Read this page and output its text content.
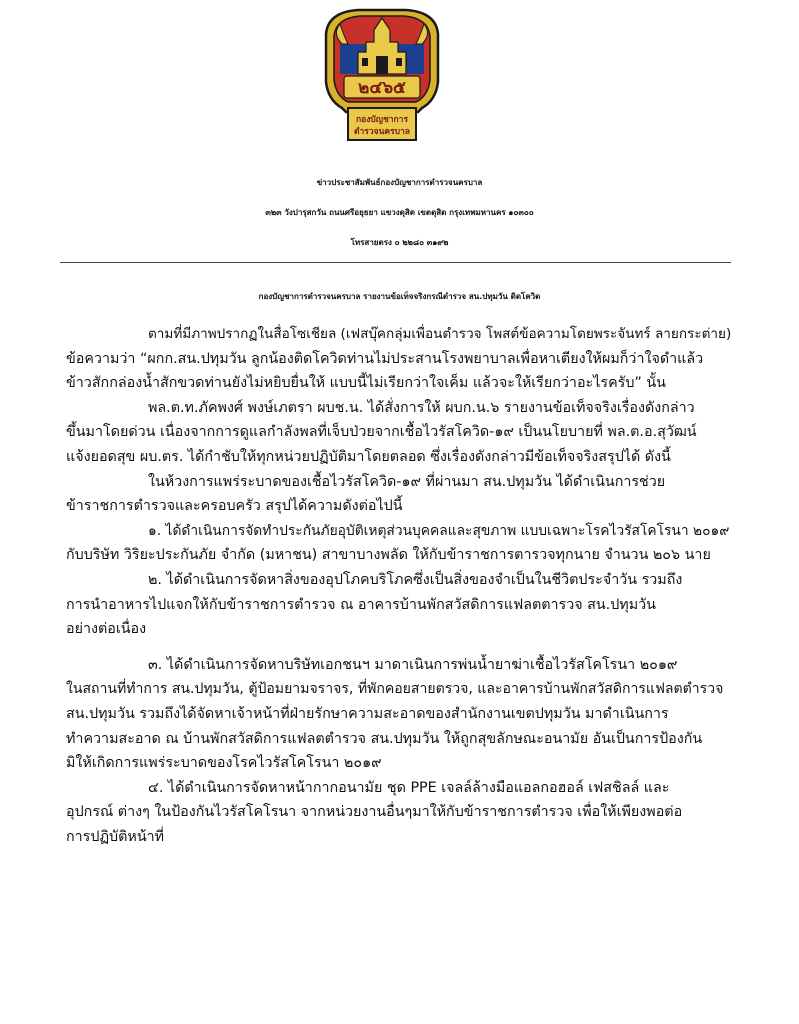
๒๔๖๕
กองบัญชาการ
ตำรวจนครบาล
ข่าวประชาสัมพันธ์กองบัญชาการตำรวจนครบาล
๓๒๓ วังปารุสกวัน ถนนศรีอยุธยา แขวงดุสิต เขตดุสิต กรุงเทพมหานคร ๑๐๓๐๐
โทรสายตรง ๐ ๒๒๘๐ ๓๑๙๒
กองบัญชาการตำรวจนครบาล รายงานข้อเท็จจริงกรณีตำรวจ สน.ปทุมวัน ติดโควิด

ตามที่มีภาพปรากฏในสื่อโซเชียล (เฟสบุ๊คกลุ่มเพื่อนตำรวจ โพสต์ข้อความโดยพระจันทร์ ลายกระต่าย)
ข้อความว่า “ผกก.สน.ปทุมวัน ลูกน้องติดโควิดท่านไม่ประสานโรงพยาบาลเพื่อหาเตียงให้ผมก็ว่าใจดำแล้ว
ข้าวสักกล่องน้ำสักขวดท่านยังไม่หยิบยื่นให้ แบบนี้ไม่เรียกว่าใจเค็ม แล้วจะให้เรียกว่าอะไรครับ” นั้น
พล.ต.ท.ภัคพงศ์ พงษ์เภตรา ผบช.น. ได้สั่งการให้ ผบก.น.๖ รายงานข้อเท็จจริงเรื่องดังกล่าว
ขึ้นมาโดยด่วน เนื่องจากการดูแลกำลังพลที่เจ็บป่วยจากเชื้อไวรัสโควิด-๑๙ เป็นนโยบายที่ พล.ต.อ.สุวัฒน์
แจ้งยอดสุข ผบ.ตร. ได้กำชับให้ทุกหน่วยปฏิบัติมาโดยตลอด ซึ่งเรื่องดังกล่าวมีข้อเท็จจริงสรุปได้ ดังนี้

ในห้วงการแพร่ระบาดของเชื้อไวรัสโควิด-๑๙ ที่ผ่านมา สน.ปทุมวัน ได้ดำเนินการช่วย
ข้าราชการตำรวจและครอบครัว สรุปได้ความดังต่อไปนี้

๑. ได้ดำเนินการจัดทำประกันภัยอุบัติเหตุส่วนบุคคลและสุขภาพ แบบเฉพาะโรคไวรัสโคโรนา ๒๐๑๙
กับบริษัท วิริยะประกันภัย จำกัด (มหาชน) สาขาบางพลัด ให้กับข้าราชการตารวจทุกนาย จำนวน ๒๐๖ นาย

๒. ได้ดำเนินการจัดหาสิ่งของอุปโภคบริโภคซึ่งเป็นสิ่งของจำเป็นในชีวิตประจำวัน รวมถึง
การนำอาหารไปแจกให้กับข้าราชการตำรวจ ณ อาคารบ้านพักสวัสดิการแฟลตตารวจ สน.ปทุมวัน
อย่างต่อเนื่อง

๓. ได้ดำเนินการจัดหาบริษัทเอกชนฯ มาดาเนินการพ่นน้ำยาฆ่าเชื้อไวรัสโคโรนา ๒๐๑๙
ในสถานที่ทำการ สน.ปทุมวัน, ตู้ป้อมยามจราจร, ที่พักคอยสายตรวจ, และอาคารบ้านพักสวัสดิการแฟลตตำรวจ
สน.ปทุมวัน รวมถึงได้จัดหาเจ้าหน้าที่ฝ่ายรักษาความสะอาดของสำนักงานเขตปทุมวัน มาดำเนินการ
ทำความสะอาด ณ บ้านพักสวัสดิการแฟลตตำรวจ สน.ปทุมวัน ให้ถูกสุขลักษณะอนามัย อันเป็นการป้องกัน
มิให้เกิดการแพร่ระบาดของโรคไวรัสโคโรนา ๒๐๑๙

๔. ได้ดำเนินการจัดหาหน้ากากอนามัย ชุด PPE เจลล์ล้างมือแอลกอฮอล์ เฟสชิลล์ และ
อุปกรณ์ ต่างๆ ในป้องกันไวรัสโคโรนา จากหน่วยงานอื่นๆมาให้กับข้าราชการตำรวจ เพื่อให้เพียงพอต่อ
การปฏิบัติหน้าที่
